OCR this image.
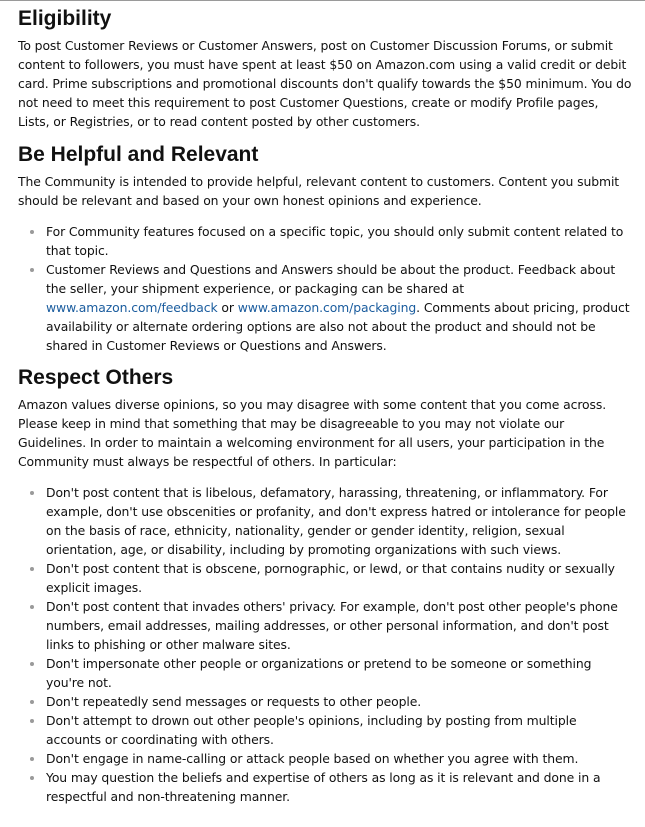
Eligibility

To post Customer Reviews or Customer Answers, post on Customer Discussion Forums, or submit content to followers, you must have spent at least $50 on Amazon.com using a valid credit or debit card. Prime subscriptions and promotional discounts don't qualify towards the $50 minimum. You do not need to meet this requirement to post Customer Questions, create or modify Profile pages, Lists, or Registries, or to read content posted by other customers.

Be Helpful and Relevant

The Community is intended to provide helpful, relevant content to customers. Content you submit should be relevant and based on your own honest opinions and experience.

For Community features focused on a specific topic, you should only submit content related to that topic.
Customer Reviews and Questions and Answers should be about the product. Feedback about the seller, your shipment experience, or packaging can be shared at www.amazon.com/feedback or www.amazon.com/packaging. Comments about pricing, product availability or alternate ordering options are also not about the product and should not be shared in Customer Reviews or Questions and Answers.
Respect Others

Amazon values diverse opinions, so you may disagree with some content that you come across. Please keep in mind that something that may be disagreeable to you may not violate our Guidelines. In order to maintain a welcoming environment for all users, your participation in the Community must always be respectful of others. In particular:

Don't post content that is libelous, defamatory, harassing, threatening, or inflammatory. For example, don't use obscenities or profanity, and don't express hatred or intolerance for people on the basis of race, ethnicity, nationality, gender or gender identity, religion, sexual orientation, age, or disability, including by promoting organizations with such views.
Don't post content that is obscene, pornographic, or lewd, or that contains nudity or sexually explicit images.
Don't post content that invades others' privacy. For example, don't post other people's phone numbers, email addresses, mailing addresses, or other personal information, and don't post links to phishing or other malware sites.
Don't impersonate other people or organizations or pretend to be someone or something you're not.
Don't repeatedly send messages or requests to other people.
Don't attempt to drown out other people's opinions, including by posting from multiple accounts or coordinating with others.
Don't engage in name-calling or attack people based on whether you agree with them.
You may question the beliefs and expertise of others as long as it is relevant and done in a respectful and non-threatening manner.
